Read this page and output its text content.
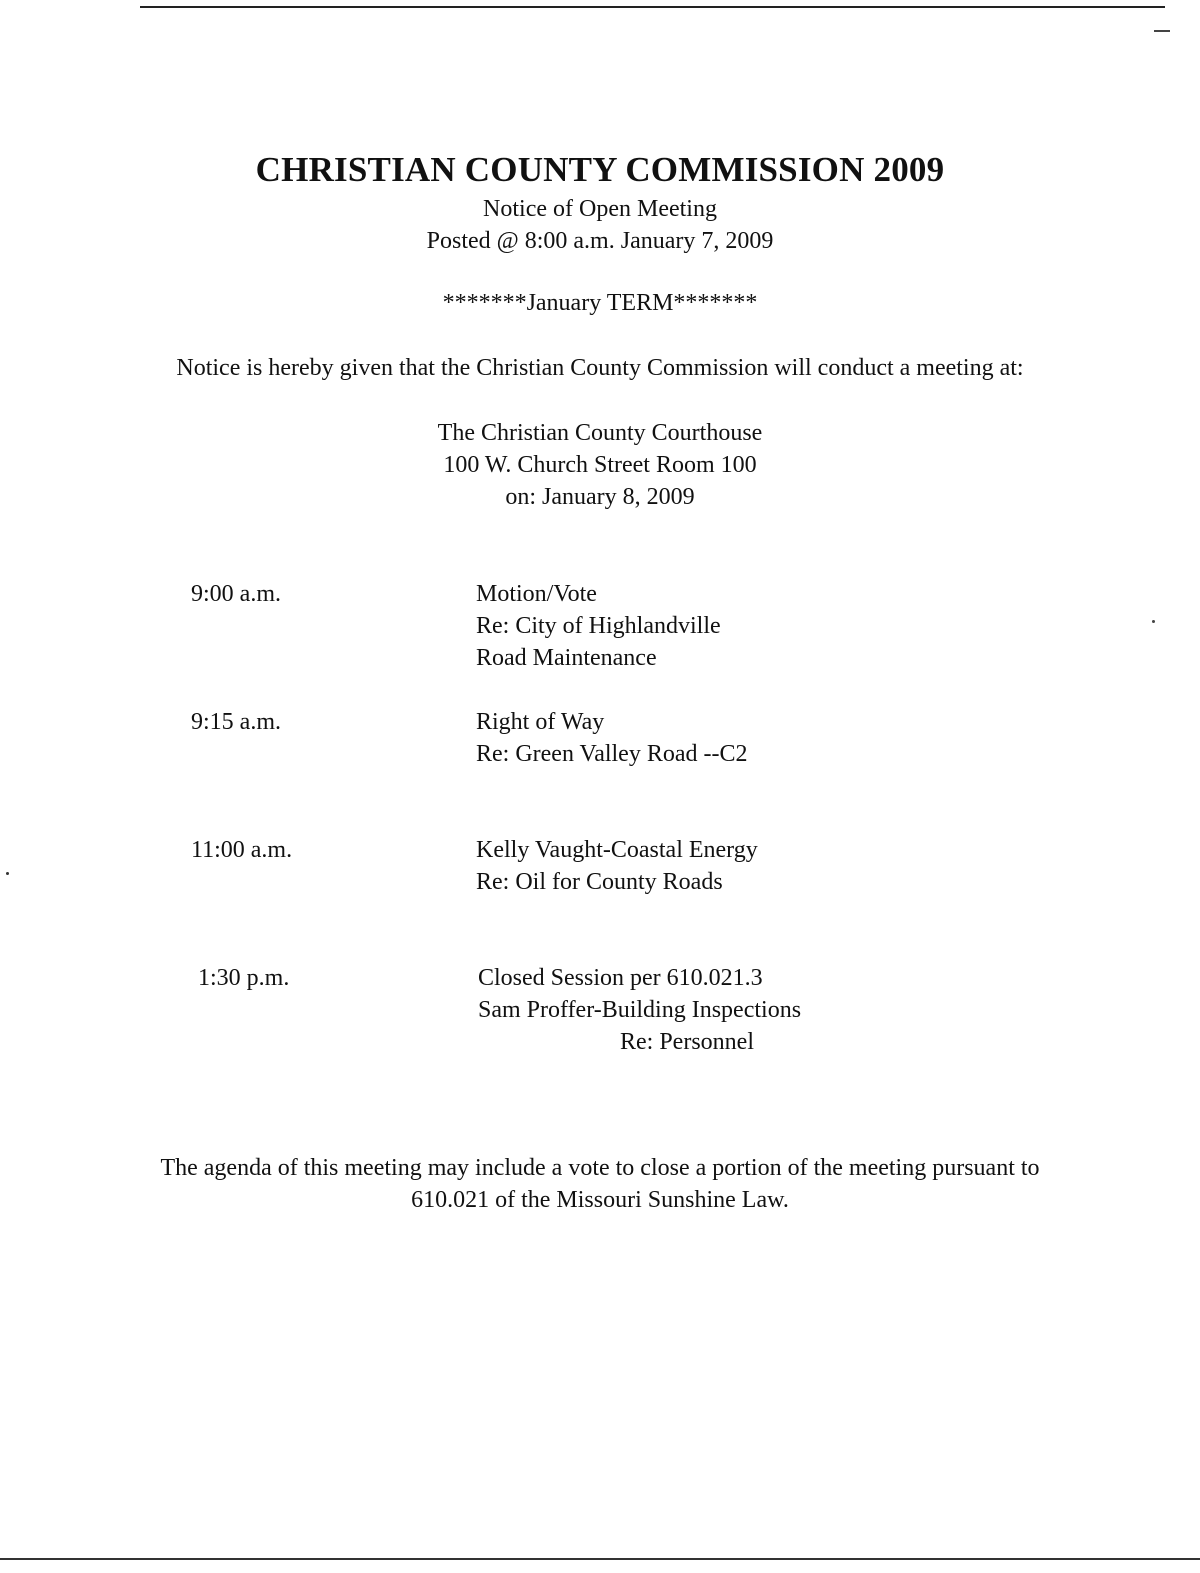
CHRISTIAN COUNTY COMMISSION 2009
Notice of Open Meeting
Posted @ 8:00 a.m. January 7, 2009
*******January TERM*******
Notice is hereby given that the Christian County Commission will conduct a meeting at:
The Christian County Courthouse
100 W. Church Street Room 100
on: January 8, 2009
9:00 a.m.	Motion/Vote
Re: City of Highlandville
Road Maintenance
9:15 a.m.	Right of Way
Re: Green Valley Road --C2
11:00 a.m.	Kelly Vaught-Coastal Energy
Re: Oil for County Roads
1:30 p.m.	Closed Session per 610.021.3
Sam Proffer-Building Inspections
Re: Personnel
The agenda of this meeting may include a vote to close a portion of the meeting pursuant to
610.021 of the Missouri Sunshine Law.
